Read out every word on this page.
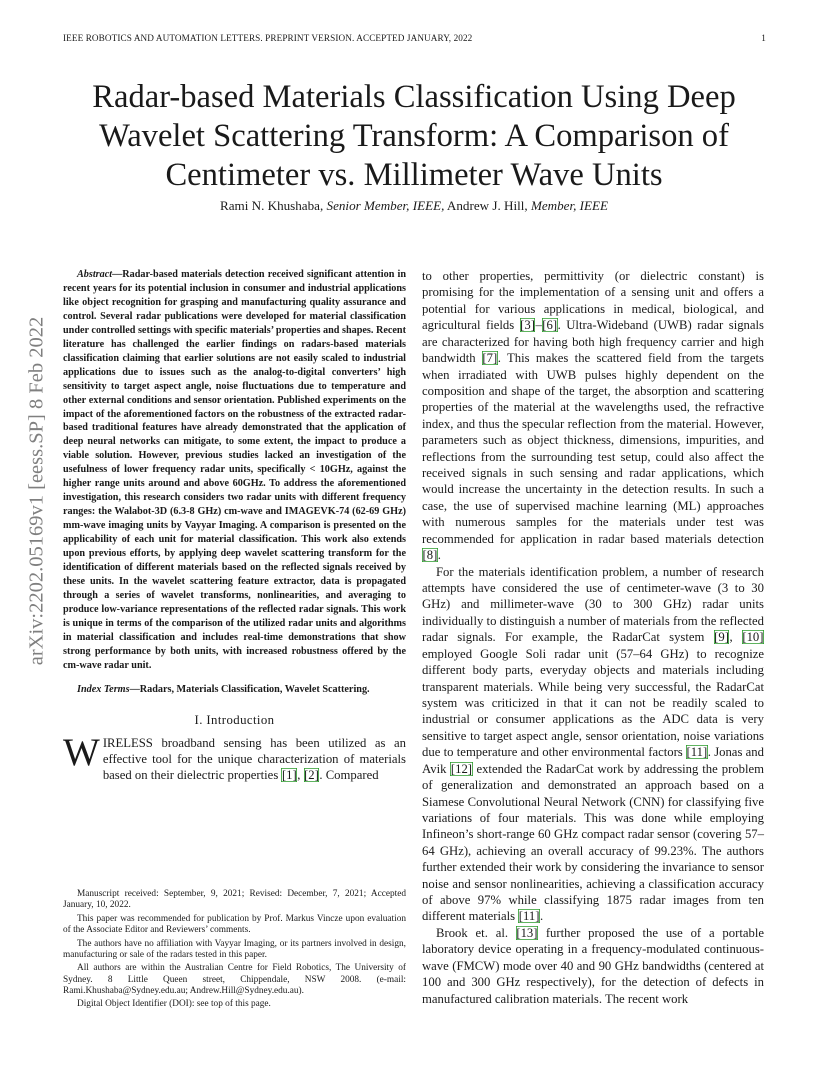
IEEE ROBOTICS AND AUTOMATION LETTERS. PREPRINT VERSION. ACCEPTED JANUARY, 2022	1
Radar-based Materials Classification Using Deep
Wavelet Scattering Transform: A Comparison of
Centimeter vs. Millimeter Wave Units
Rami N. Khushaba, Senior Member, IEEE, Andrew J. Hill, Member, IEEE
arXiv:2202.05169v1 [eess.SP] 8 Feb 2022

Abstract—Radar-based materials detection received significant attention in recent years for its potential inclusion in consumer and industrial applications like object recognition for grasping and manufacturing quality assurance and control. Several radar publications were developed for material classification under controlled settings with specific materials’ properties and shapes. Recent literature has challenged the earlier findings on radars-based materials classification claiming that earlier solutions are not easily scaled to industrial applications due to issues such as the analog-to-digital converters’ high sensitivity to target aspect angle, noise fluctuations due to temperature and other external conditions and sensor orientation. Published experiments on the impact of the aforementioned factors on the robustness of the extracted radar-based traditional features have already demonstrated that the application of deep neural networks can mitigate, to some extent, the impact to produce a viable solution. However, previous studies lacked an investigation of the usefulness of lower frequency radar units, specifically < 10GHz, against the higher range units around and above 60GHz. To address the aforementioned investigation, this research considers two radar units with different frequency ranges: the Walabot-3D (6.3-8 GHz) cm-wave and IMAGEVK-74 (62-69 GHz) mm-wave imaging units by Vayyar Imaging. A comparison is presented on the applicability of each unit for material classification. This work also extends upon previous efforts, by applying deep wavelet scattering transform for the identification of different materials based on the reflected signals received by these units. In the wavelet scattering feature extractor, data is propagated through a series of wavelet transforms, nonlinearities, and averaging to produce low-variance representations of the reflected radar signals. This work is unique in terms of the comparison of the utilized radar units and algorithms in material classification and includes real-time demonstrations that show strong performance by both units, with increased robustness offered by the cm-wave radar unit.

Index Terms—Radars, Materials Classification, Wavelet Scattering.

I. Introduction

WIRELESS broadband sensing has been utilized as an effective tool for the unique characterization of materials based on their dielectric properties [1], [2]. Compared

Manuscript received: September, 9, 2021; Revised: December, 7, 2021; Accepted January, 10, 2022.

This paper was recommended for publication by Prof. Markus Vincze upon evaluation of the Associate Editor and Reviewers’ comments.

The authors have no affiliation with Vayyar Imaging, or its partners involved in design, manufacturing or sale of the radars tested in this paper.

All authors are within the Australian Centre for Field Robotics, The University of Sydney. 8 Little Queen street, Chippendale, NSW 2008. (e-mail: Rami.Khushaba@Sydney.edu.au; Andrew.Hill@Sydney.edu.au).

Digital Object Identifier (DOI): see top of this page.

to other properties, permittivity (or dielectric constant) is promising for the implementation of a sensing unit and offers a potential for various applications in medical, biological, and agricultural fields [3]–[6]. Ultra-Wideband (UWB) radar signals are characterized for having both high frequency carrier and high bandwidth [7]. This makes the scattered field from the targets when irradiated with UWB pulses highly dependent on the composition and shape of the target, the absorption and scattering properties of the material at the wavelengths used, the refractive index, and thus the specular reflection from the material. However, parameters such as object thickness, dimensions, impurities, and reflections from the surrounding test setup, could also affect the received signals in such sensing and radar applications, which would increase the uncertainty in the detection results. In such a case, the use of supervised machine learning (ML) approaches with numerous samples for the materials under test was recommended for application in radar based materials detection [8].

For the materials identification problem, a number of research attempts have considered the use of centimeter-wave (3 to 30 GHz) and millimeter-wave (30 to 300 GHz) radar units individually to distinguish a number of materials from the reflected radar signals. For example, the RadarCat system [9], [10] employed Google Soli radar unit (57–64 GHz) to recognize different body parts, everyday objects and materials including transparent materials. While being very successful, the RadarCat system was criticized in that it can not be readily scaled to industrial or consumer applications as the ADC data is very sensitive to target aspect angle, sensor orientation, noise variations due to temperature and other environmental factors [11]. Jonas and Avik [12] extended the RadarCat work by addressing the problem of generalization and demonstrated an approach based on a Siamese Convolutional Neural Network (CNN) for classifying five variations of four materials. This was done while employing Infineon’s short-range 60 GHz compact radar sensor (covering 57–64 GHz), achieving an overall accuracy of 99.23%. The authors further extended their work by considering the invariance to sensor noise and sensor nonlinearities, achieving a classification accuracy of above 97% while classifying 1875 radar images from ten different materials [11].

Brook et. al. [13] further proposed the use of a portable laboratory device operating in a frequency-modulated continuous-wave (FMCW) mode over 40 and 90 GHz bandwidths (centered at 100 and 300 GHz respectively), for the detection of defects in manufactured calibration materials. The recent work
